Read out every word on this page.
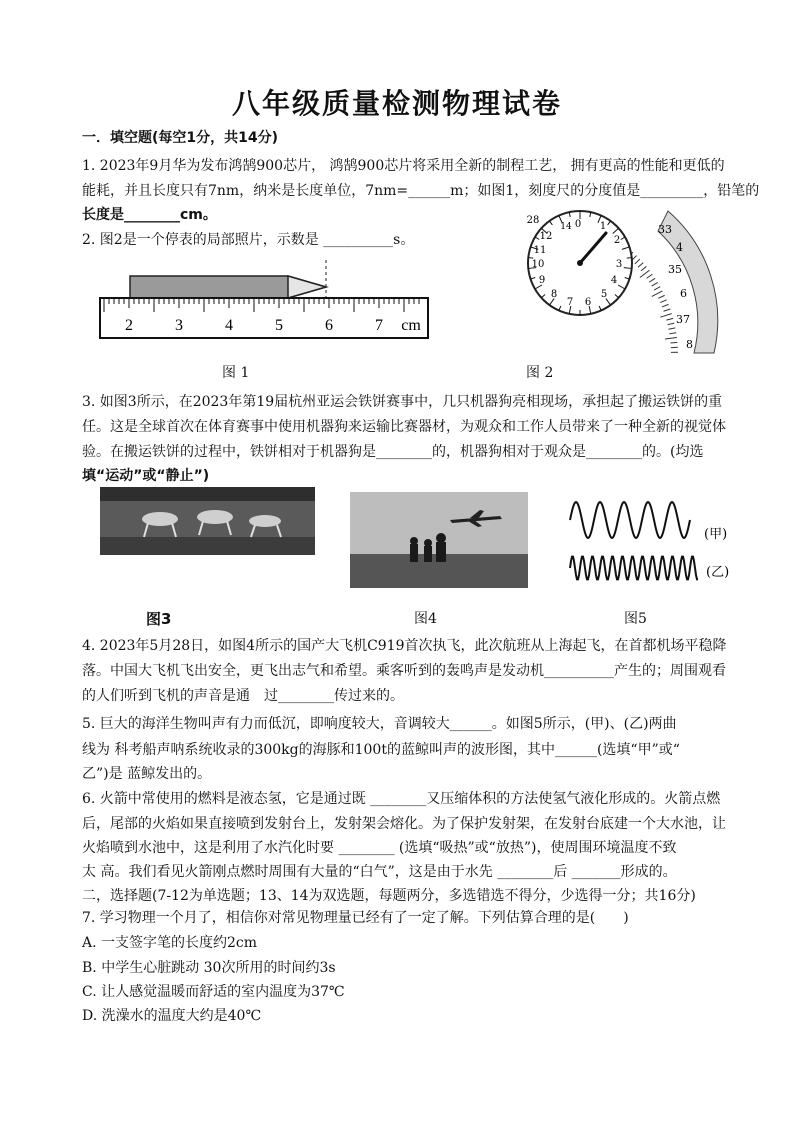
八年级质量检测物理试卷
一．填空题(每空1分，共14分)
1. 2023年9月华为发布鸿鹄900芯片， 鸿鹄900芯片将采用全新的制程工艺， 拥有更高的性能和更低的
能耗，并且长度只有7nm，纳米是长度单位，7nm=______m；如图1，刻度尺的分度值是_________，铅笔的
长度是________cm。
2. 图2是一个停表的局部照片，示数是 __________s。
2	3	4	5	6	7 cm
33
4
35
6
37
8
0
14	1
2
28
12
11
10
9
8
7 6
5
4
3
图 1	图 2
3. 如图3所示，在2023年第19届杭州亚运会铁饼赛事中，几只机器狗亮相现场，承担起了搬运铁饼的重
任。这是全球首次在体育赛事中使用机器狗来运输比赛器材，为观众和工作人员带来了一种全新的视觉体
验。在搬运铁饼的过程中，铁饼相对于机器狗是________的，机器狗相对于观众是________的。(均选
填“运动”或“静止”)
(甲)
(乙)
图3	图4	图5
4. 2023年5月28日，如图4所示的国产大飞机C919首次执飞，此次航班从上海起飞，在首都机场平稳降
落。中国大飞机飞出安全，更飞出志气和希望。乘客听到的轰鸣声是发动机__________产生的；周围观看
的人们听到飞机的声音是通　过________传过来的。
5. 巨大的海洋生物叫声有力而低沉，即响度较大，音调较大______。如图5所示，(甲)、(乙)两曲
线为 科考船声呐系统收录的300kg的海豚和100t的蓝鲸叫声的波形图，其中______(选填“甲”或“
乙”)是 蓝鲸发出的。
6. 火箭中常使用的燃料是液态氢，它是通过既 ________又压缩体积的方法使氢气液化形成的。火箭点燃
后，尾部的火焰如果直接喷到发射台上，发射架会熔化。为了保护发射架，在发射台底建一个大水池，让
火焰喷到水池中，这是利用了水汽化时要 ________ (选填“吸热”或“放热”)，使周围环境温度不致
太 高。我们看见火箭刚点燃时周围有大量的“白气”，这是由于水先 ________后 _______形成的。
二，选择题(7-12为单选题；13、14为双选题，每题两分，多选错选不得分，少选得一分；共16分)
7. 学习物理一个月了，相信你对常见物理量已经有了一定了解。下列估算合理的是(　　)
A. 一支签字笔的长度约2cm
B. 中学生心脏跳动 30次所用的时间约3s
C. 让人感觉温暖而舒适的室内温度为37℃
D. 洗澡水的温度大约是40℃
